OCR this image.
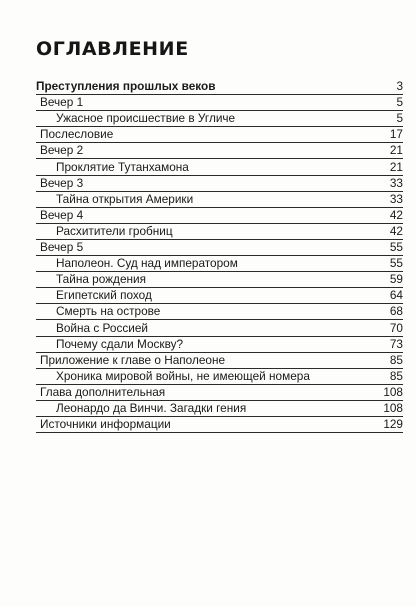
ОГЛАВЛЕНИЕ
Преступления прошлых веков	3
Вечер 1	5
Ужасное происшествие в Угличе	5
Послесловие	17
Вечер 2	21
Проклятие Тутанхамона	21
Вечер 3	33
Тайна открытия Америки	33
Вечер 4	42
Расхитители гробниц	42
Вечер 5	55
Наполеон. Суд над императором	55
Тайна рождения	59
Египетский поход	64
Смерть на острове	68
Война с Россией	70
Почему сдали Москву?	73
Приложение к главе о Наполеоне	85
Хроника мировой войны, не имеющей номера	85
Глава дополнительная	108
Леонардо да Винчи. Загадки гения	108
Источники информации	129
